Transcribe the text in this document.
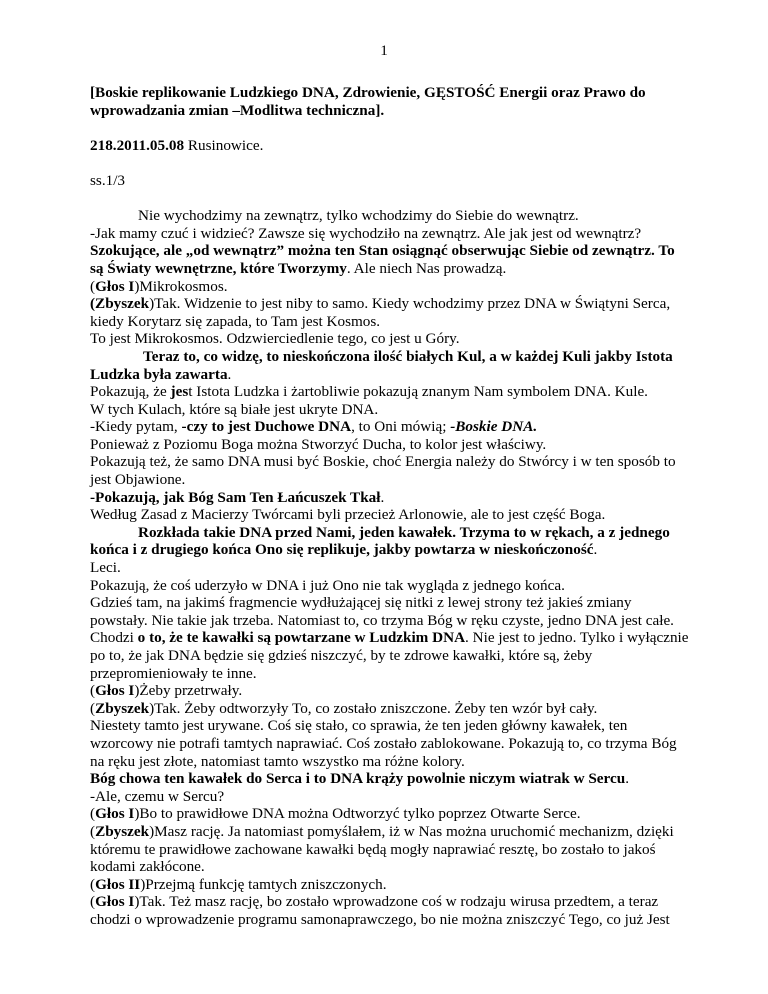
1

[Boskie replikowanie Ludzkiego DNA, Zdrowienie, GĘSTOŚĆ Energii oraz Prawo do wprowadzania zmian –Modlitwa techniczna].

218.2011.05.08 Rusinowice.

ss.1/3

Nie wychodzimy na zewnątrz, tylko wchodzimy do Siebie do wewnątrz.

-Jak mamy czuć i widzieć? Zawsze się wychodziło na zewnątrz. Ale jak jest od wewnątrz?

Szokujące, ale „od wewnątrz” można ten Stan osiągnąć obserwując Siebie od zewnątrz. To są Światy wewnętrzne, które Tworzymy. Ale niech Nas prowadzą.

(Głos I)Mikrokosmos.

(Zbyszek)Tak. Widzenie to jest niby to samo. Kiedy wchodzimy przez DNA w Świątyni Serca, kiedy Korytarz się zapada, to Tam jest Kosmos.

To jest Mikrokosmos. Odzwierciedlenie tego, co jest u Góry.

Teraz to, co widzę, to nieskończona ilość białych Kul, a w każdej Kuli jakby Istota Ludzka była zawarta.

Pokazują, że jest Istota Ludzka i żartobliwie pokazują znanym Nam symbolem DNA. Kule.

W tych Kulach, które są białe jest ukryte DNA.

-Kiedy pytam, -czy to jest Duchowe DNA, to Oni mówią; -Boskie DNA.

Ponieważ z Poziomu Boga można Stworzyć Ducha, to kolor jest właściwy.

Pokazują też, że samo DNA musi być Boskie, choć Energia należy do Stwórcy i w ten sposób to jest Objawione.

-Pokazują, jak Bóg Sam Ten Łańcuszek Tkał.

Według Zasad z Macierzy Twórcami byli przecież Arlonowie, ale to jest część Boga.

Rozkłada takie DNA przed Nami, jeden kawałek. Trzyma to w rękach, a z jednego końca i z drugiego końca Ono się replikuje, jakby powtarza w nieskończoność.

Leci.

Pokazują, że coś uderzyło w DNA i już Ono nie tak wygląda z jednego końca.

Gdzieś tam, na jakimś fragmencie wydłużającej się nitki z lewej strony też jakieś zmiany powstały. Nie takie jak trzeba. Natomiast to, co trzyma Bóg w ręku czyste, jedno DNA jest całe.

Chodzi o to, że te kawałki są powtarzane w Ludzkim DNA. Nie jest to jedno. Tylko i wyłącznie po to, że jak DNA będzie się gdzieś niszczyć, by te zdrowe kawałki, które są, żeby przepromieniowały te inne.

(Głos I)Żeby przetrwały.

(Zbyszek)Tak. Żeby odtworzyły To, co zostało zniszczone. Żeby ten wzór był cały.

Niestety tamto jest urywane. Coś się stało, co sprawia, że ten jeden główny kawałek, ten wzorcowy nie potrafi tamtych naprawiać. Coś zostało zablokowane. Pokazują to, co trzyma Bóg na ręku jest złote, natomiast tamto wszystko ma różne kolory.

Bóg chowa ten kawałek do Serca i to DNA krąży powolnie niczym wiatrak w Sercu.

-Ale, czemu w Sercu?

(Głos I)Bo to prawidłowe DNA można Odtworzyć tylko poprzez Otwarte Serce.

(Zbyszek)Masz rację. Ja natomiast pomyślałem, iż w Nas można uruchomić mechanizm, dzięki któremu te prawidłowe zachowane kawałki będą mogły naprawiać resztę, bo zostało to jakoś kodami zakłócone.

(Głos II)Przejmą funkcję tamtych zniszczonych.

(Głos I)Tak. Też masz rację, bo zostało wprowadzone coś w rodzaju wirusa przedtem, a teraz chodzi o wprowadzenie programu samonaprawczego, bo nie można zniszczyć Tego, co już Jest
